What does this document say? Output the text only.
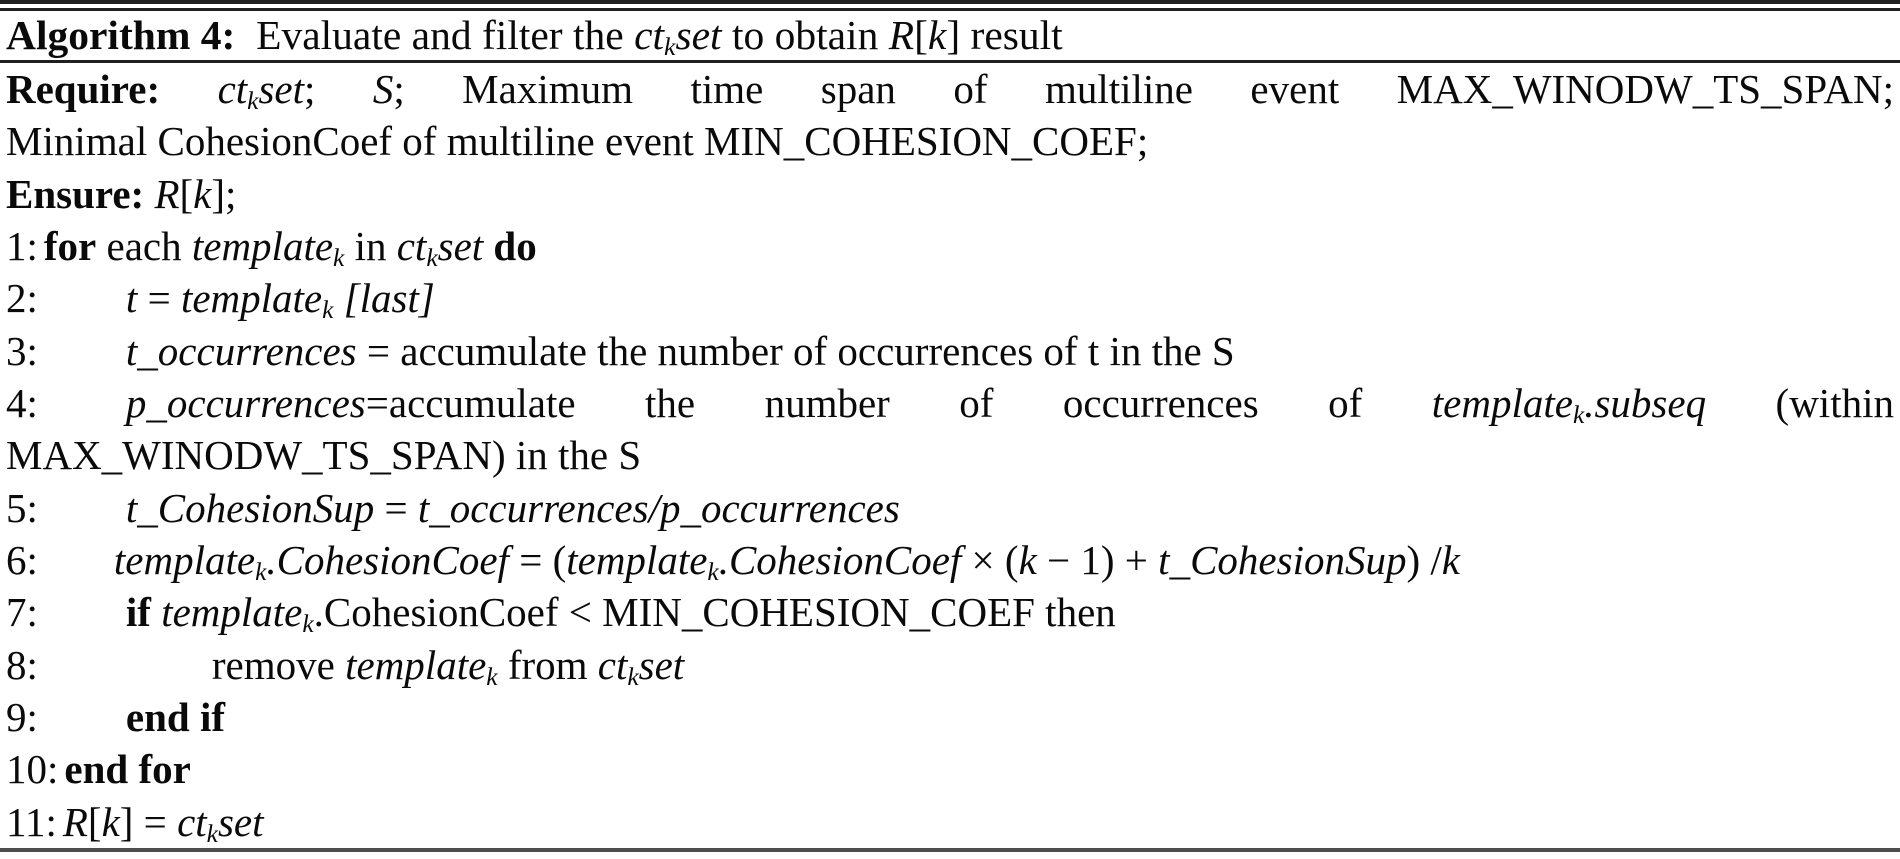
Algorithm 4: Evaluate and filter the $ct_kset$ to obtain R[k] result
Require: $ct_kset$; S; Maximum time span of multiline event MAX_WINODW_TS_SPAN;
Minimal CohesionCoef of multiline event MIN_COHESION_COEF;
Ensure: R[k];
1: for each template$_k$ in $ct_kset$ do
2: t = template$_k$ [last]
3: t_occurrences = accumulate the number of occurrences of t in the S
4: p_occurrences=accumulate the number of occurrences of template$_k$.subseq (within
MAX_WINODW_TS_SPAN) in the S
5: t_CohesionSup = t_occurrences/p_occurrences
6: template$_k$.CohesionCoef = (template$_k$.CohesionCoef × (k − 1) + t_CohesionSup) /k
7: if template$_k$.CohesionCoef < MIN_COHESION_COEF then
8:	remove template$_k$ from $ct_kset$
9: end if
10: end for
11: $R[k] = ct_kset$
